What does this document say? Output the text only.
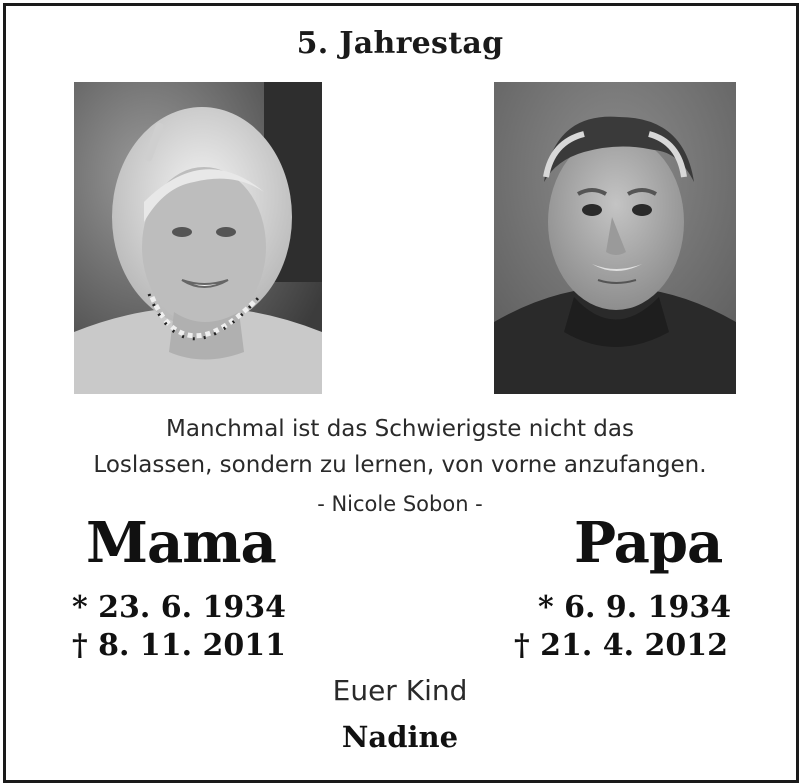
5. Jahrestag
Manchmal ist das Schwierigste nicht das
Loslassen, sondern zu lernen, von vorne anzufangen.
- Nicole Sobon -
Mama	Papa
* 23. 6. 1934
† 8. 11. 2011
* 6. 9. 1934
† 21. 4. 2012
Euer Kind
Nadine
